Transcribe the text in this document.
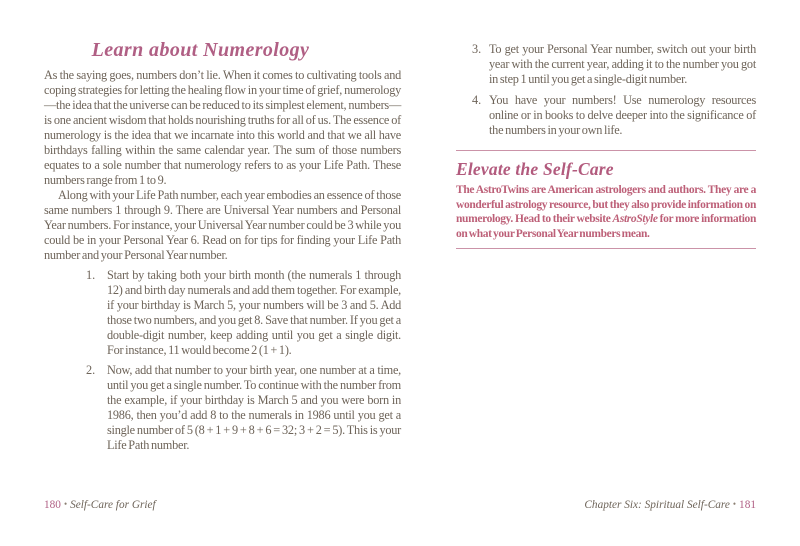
Learn about Numerology

As the saying goes, numbers don’t lie. When it comes to cultivating tools and coping strategies for letting the healing flow in your time of grief, numerology—the idea that the universe can be reduced to its simplest element, numbers—is one ancient wisdom that holds nourishing truths for all of us. The essence of numerology is the idea that we incarnate into this world and that we all have birthdays falling within the same calendar year. The sum of those numbers equates to a sole number that numerology refers to as your Life Path. These numbers range from 1 to 9.

Along with your Life Path number, each year embodies an essence of those same numbers 1 through 9. There are Universal Year numbers and Personal Year numbers. For instance, your Universal Year number could be 3 while you could be in your Personal Year 6. Read on for tips for finding your Life Path number and your Personal Year number.

1. Start by taking both your birth month (the numerals 1 through 12) and birth day numerals and add them together. For example, if your birthday is March 5, your numbers will be 3 and 5. Add those two numbers, and you get 8. Save that number. If you get a double-digit number, keep adding until you get a single digit. For instance, 11 would become 2 (1 + 1).
2. Now, add that number to your birth year, one number at a time, until you get a single number. To continue with the number from the example, if your birthday is March 5 and you were born in 1986, then you’d add 8 to the numerals in 1986 until you get a single number of 5 (8 + 1 + 9 + 8 + 6 = 32; 3 + 2 = 5). This is your Life Path number.
3. To get your Personal Year number, switch out your birth year with the current year, adding it to the number you got in step 1 until you get a single-digit number.
4. You have your numbers! Use numerology resources online or in books to delve deeper into the significance of the numbers in your own life.
Elevate the Self-Care

The AstroTwins are American astrologers and authors. They are a wonderful astrology resource, but they also provide information on numerology. Head to their website AstroStyle for more information on what your Personal Year numbers mean.

180 • Self-Care for Grief	Chapter Six: Spiritual Self-Care • 181
